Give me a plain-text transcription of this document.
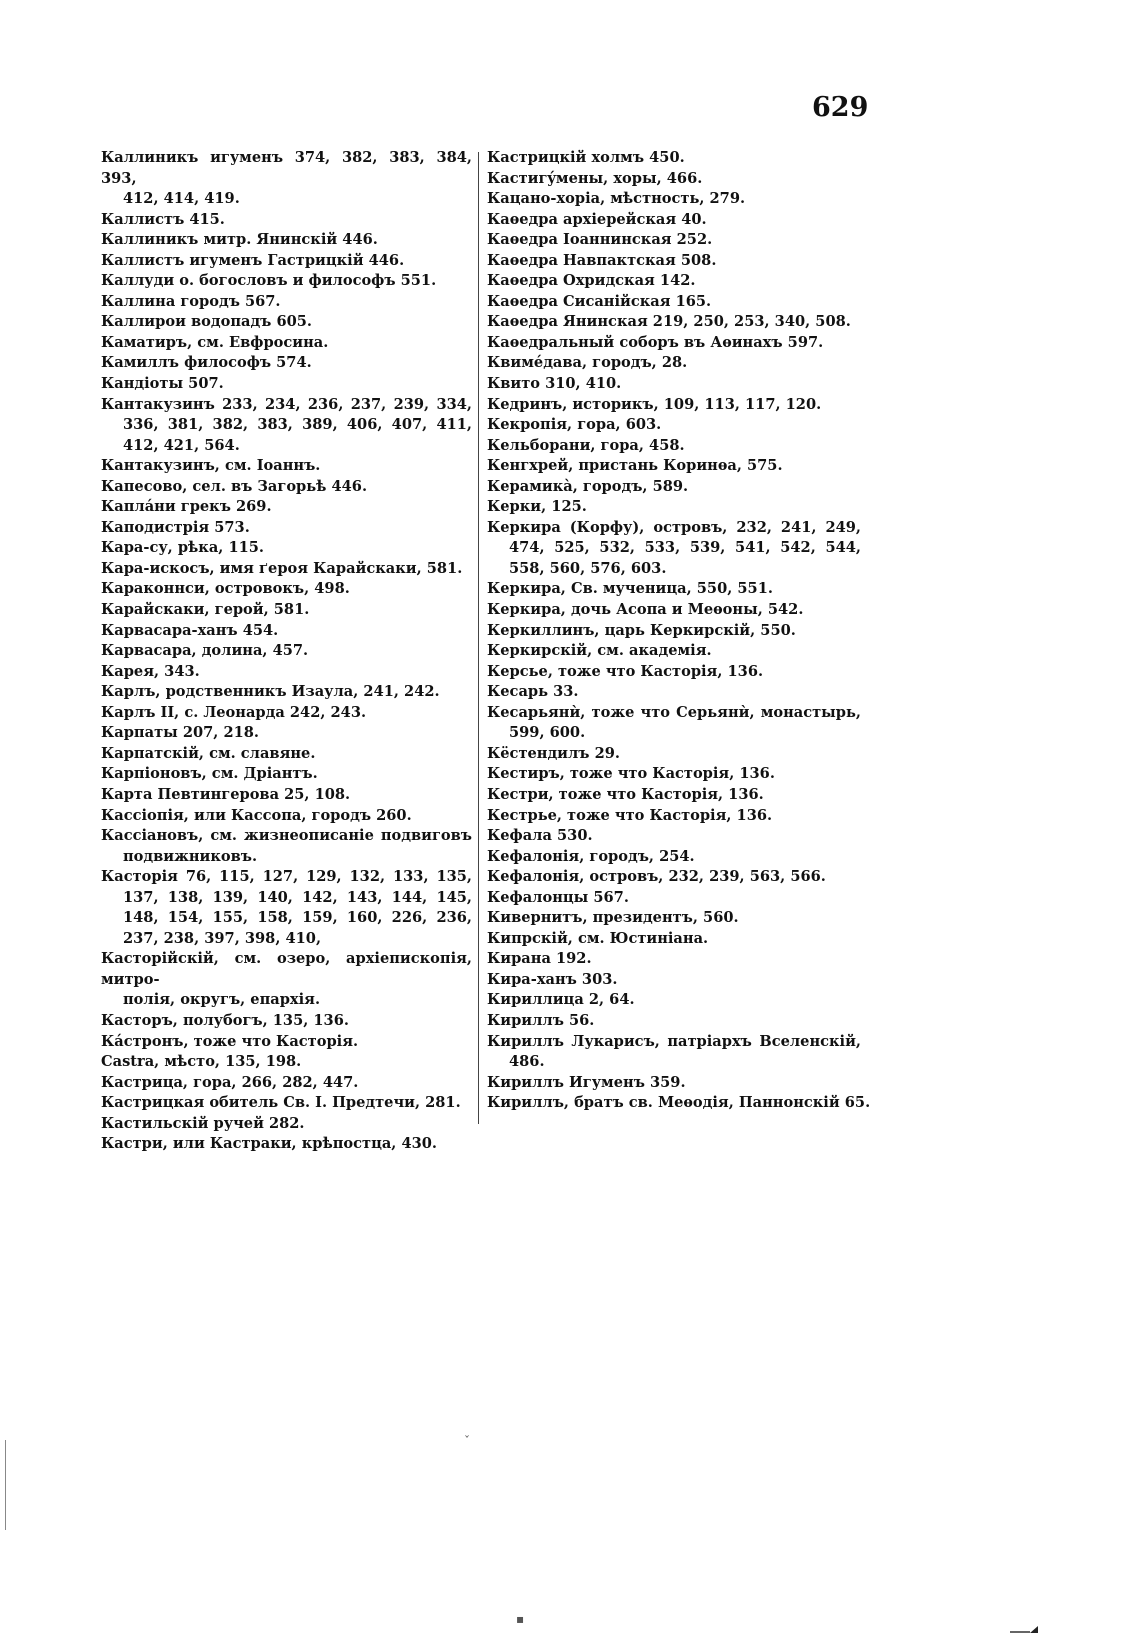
629
Каллиникъ игуменъ 374, 382, 383, 384, 393,
412, 414, 419.
Каллистъ 415.
Каллиникъ митр. Янинскій 446.
Каллистъ игуменъ Гастрицкій 446.
Каллуди о. богословъ и философъ 551.
Каллина городъ 567.
Каллирои водопадъ 605.
Каматиръ, см. Евфросина.
Камиллъ философъ 574.
Кандіоты 507.
Кантакузинъ 233, 234, 236, 237, 239, 334,
336, 381, 382, 383, 389, 406, 407, 411,
412, 421, 564.
Кантакузинъ, см. Іоаннъ.
Капесово, сел. въ Загорьѣ 446.
Каплáни грекъ 269.
Каподистрія 573.
Кара-су, рѣка, 115.
Кара-искосъ, имя ґероя Карайскаки, 581.
Караконнси, островокъ, 498.
Карайскаки, герой, 581.
Карвасара-ханъ 454.
Карвасара, долина, 457.
Карея, 343.
Карлъ, родственникъ Изаула, 241, 242.
Карлъ II, с. Леонарда 242, 243.
Карпаты 207, 218.
Карпатскій, см. славяне.
Карпіоновъ, см. Дріантъ.
Карта Певтингерова 25, 108.
Кассіопія, или Кассопа, городъ 260.
Кассіановъ, см. жизнеописаніе подвиговъ
подвижниковъ.
Касторія 76, 115, 127, 129, 132, 133, 135,
137, 138, 139, 140, 142, 143, 144, 145,
148, 154, 155, 158, 159, 160, 226, 236,
237, 238, 397, 398, 410,
Касторійскій, см. озеро, архіепископія, митро-
полія, округъ, епархія.
Касторъ, полубогъ, 135, 136.
Кáстронъ, тоже что Касторія.
Castra, мѣсто, 135, 198.
Кастрица, гора, 266, 282, 447.
Кастрицкая обитель Св. І. Предтечи, 281.
Кастильскій ручей 282.
Кастри, или Кастраки, крѣпостца, 430.
Кастрицкій холмъ 450.
Кастигýмены, хоры, 466.
Кацано-хоріа, мѣстность, 279.
Каѳедра архіерейская 40.
Каѳедра Іоаннинская 252.
Каѳедра Навпактская 508.
Каѳедра Охридская 142.
Каѳедра Сисанійская 165.
Каѳедра Янинская 219, 250, 253, 340, 508.
Каѳедральный соборъ въ Аѳинахъ 597.
Квимéдава, городъ, 28.
Квито 310, 410.
Кедринъ, историкъ, 109, 113, 117, 120.
Кекропія, гора, 603.
Кельборани, гора, 458.
Кенгхрей, пристань Коринѳа, 575.
Керамикà, городъ, 589.
Керки, 125.
Керкира (Корфу), островъ, 232, 241, 249,
474, 525, 532, 533, 539, 541, 542, 544,
558, 560, 576, 603.
Керкира, Св. мученица, 550, 551.
Керкира, дочь Асопа и Меѳоны, 542.
Керкиллинъ, царь Керкирскій, 550.
Керкирскій, см. академія.
Керсье, тоже что Касторія, 136.
Кесарь 33.
Кесарьянѝ, тоже что Серьянѝ, монастырь,
599, 600.
Кёстендилъ 29.
Кестиръ, тоже что Касторія, 136.
Кестри, тоже что Касторія, 136.
Кестрье, тоже что Касторія, 136.
Кефала 530.
Кефалонія, городъ, 254.
Кефалонія, островъ, 232, 239, 563, 566.
Кефалонцы 567.
Кивернитъ, президентъ, 560.
Кипрскій, см. Юстиніана.
Кирана 192.
Кира-ханъ 303.
Кириллица 2, 64.
Кириллъ 56.
Кириллъ Лукарисъ, патріархъ Вселенскій,
486.
Кириллъ Игуменъ 359.
Кириллъ, братъ св. Меѳодія, Паннонскій 65.
ˇ
▪
